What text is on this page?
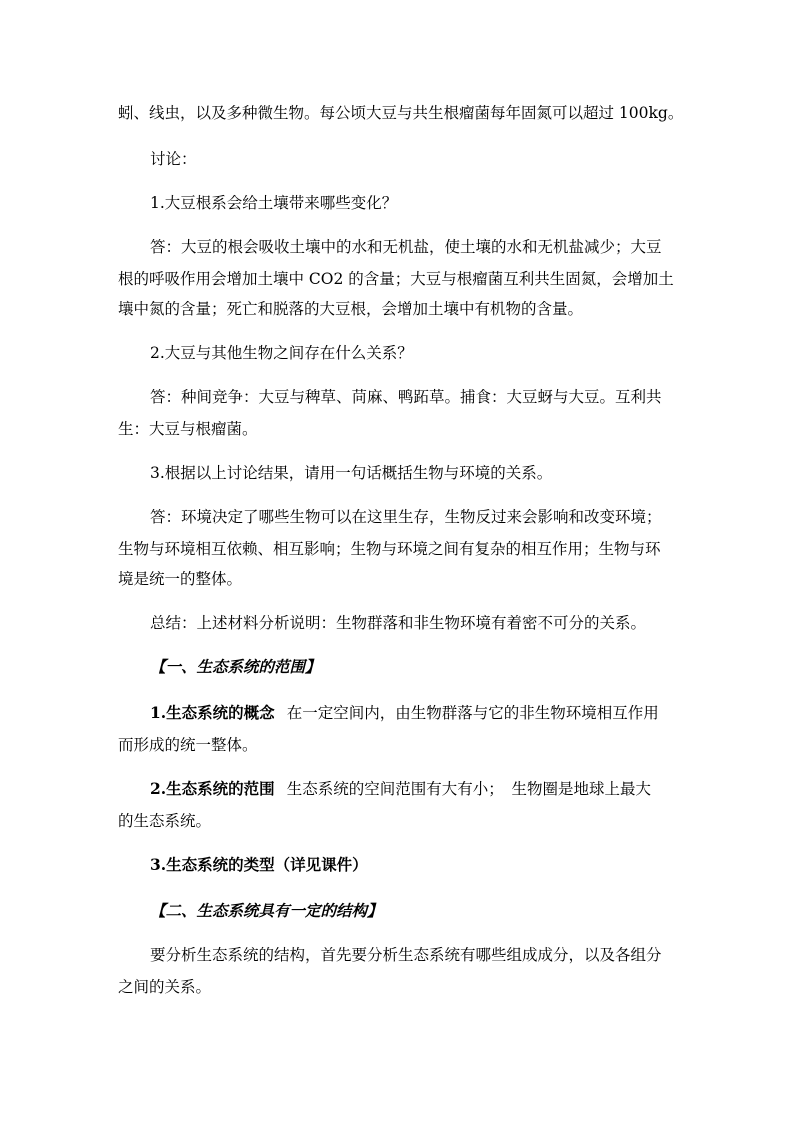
蚓、线虫，以及多种微生物。每公顷大豆与共生根瘤菌每年固氮可以超过 100kg。
讨论：
1.大豆根系会给土壤带来哪些变化？
答：大豆的根会吸收土壤中的水和无机盐，使土壤的水和无机盐减少；大豆
根的呼吸作用会增加土壤中 CO2 的含量；大豆与根瘤菌互利共生固氮，会增加土
壤中氮的含量；死亡和脱落的大豆根，会增加土壤中有机物的含量。
2.大豆与其他生物之间存在什么关系？
答：种间竞争：大豆与稗草、苘麻、鸭跖草。捕食：大豆蚜与大豆。互利共
生：大豆与根瘤菌。
3.根据以上讨论结果，请用一句话概括生物与环境的关系。
答：环境决定了哪些生物可以在这里生存，生物反过来会影响和改变环境；
生物与环境相互依赖、相互影响；生物与环境之间有复杂的相互作用；生物与环
境是统一的整体。
总结：上述材料分析说明：生物群落和非生物环境有着密不可分的关系。
【一、生态系统的范围】
1.生态系统的概念 在一定空间内，由生物群落与它的非生物环境相互作用
而形成的统一整体。
2.生态系统的范围 生态系统的空间范围有大有小；　生物圈是地球上最大
的生态系统。
3.生态系统的类型（详见课件）
【二、生态系统具有一定的结构】
要分析生态系统的结构，首先要分析生态系统有哪些组成成分，以及各组分
之间的关系。
